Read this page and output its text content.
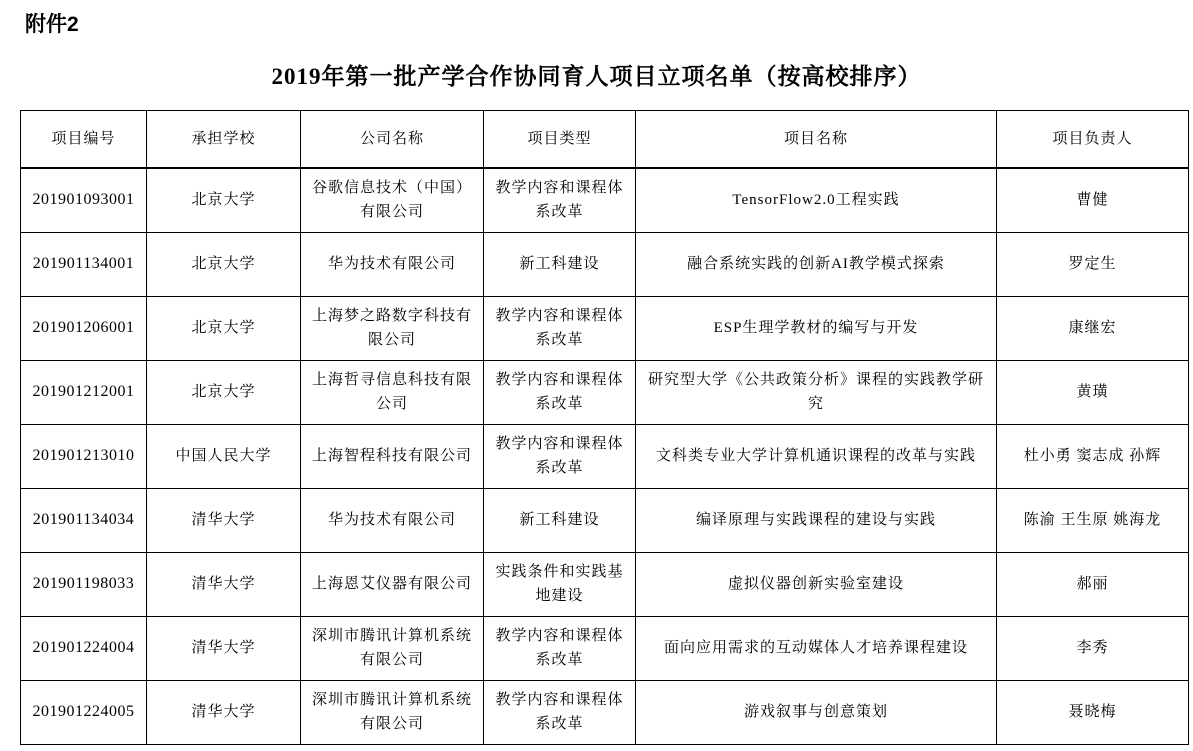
附件2
2019年第一批产学合作协同育人项目立项名单（按高校排序）
项目编号	承担学校	公司名称	项目类型	项目名称	项目负责人
201901093001	北京大学	谷歌信息技术（中国）有限公司	教学内容和课程体系改革	TensorFlow2.0工程实践	曹健
201901134001	北京大学	华为技术有限公司	新工科建设	融合系统实践的创新AI教学模式探索	罗定生
201901206001	北京大学	上海梦之路数字科技有限公司	教学内容和课程体系改革	ESP生理学教材的编写与开发	康继宏
201901212001	北京大学	上海哲寻信息科技有限公司	教学内容和课程体系改革	研究型大学《公共政策分析》课程的实践教学研究	黄璜
201901213010	中国人民大学	上海智程科技有限公司	教学内容和课程体系改革	文科类专业大学计算机通识课程的改革与实践	杜小勇 窦志成 孙辉
201901134034	清华大学	华为技术有限公司	新工科建设	编译原理与实践课程的建设与实践	陈渝 王生原 姚海龙
201901198033	清华大学	上海恩艾仪器有限公司	实践条件和实践基地建设	虚拟仪器创新实验室建设	郝丽
201901224004	清华大学	深圳市腾讯计算机系统有限公司	教学内容和课程体系改革	面向应用需求的互动媒体人才培养课程建设	李秀
201901224005	清华大学	深圳市腾讯计算机系统有限公司	教学内容和课程体系改革	游戏叙事与创意策划	聂晓梅
